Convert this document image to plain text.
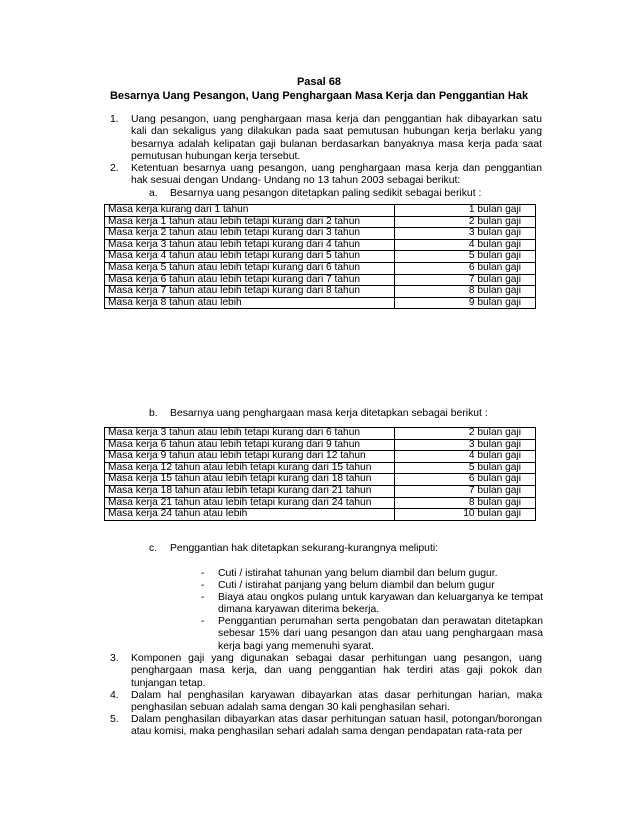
Pasal 68
Besarnya Uang Pesangon, Uang Penghargaan Masa Kerja dan Penggantian Hak
1. Uang pesangon, uang penghargaan masa kerja dan penggantian hak dibayarkan satu kali dan sekaligus yang dilakukan pada saat pemutusan hubungan kerja berlaku yang besarnya adalah kelipatan gaji bulanan berdasarkan banyaknya masa kerja pada saat pemutusan hubungan kerja tersebut.
2. Ketentuan besarnya uang pesangon, uang penghargaan masa kerja dan penggantian hak sesuai dengan Undang- Undang no 13 tahun 2003 sebagai berikut:
a. Besarnya uang pesangon ditetapkan paling sedikit sebagai berikut :
Masa kerja kurang dari 1 tahun	1 bulan gaji
Masa kerja 1 tahun atau lebih tetapi kurang dari 2 tahun	2 bulan gaji
Masa kerja 2 tahun atau lebih tetapi kurang dari 3 tahun	3 bulan gaji
Masa kerja 3 tahun atau lebih tetapi kurang dari 4 tahun	4 bulan gaji
Masa kerja 4 tahun atau lebih tetapi kurang dari 5 tahun	5 bulan gaji
Masa kerja 5 tahun atau lebih tetapi kurang dari 6 tahun	6 bulan gaji
Masa kerja 6 tahun atau lebih tetapi kurang dari 7 tahun	7 bulan gaji
Masa kerja 7 tahun atau lebih tetapi kurang dari 8 tahun	8 bulan gaji
Masa kerja 8 tahun atau lebih	9 bulan gaji
b. Besarnya uang penghargaan masa kerja ditetapkan sebagai berikut :
Masa kerja 3 tahun atau lebih tetapi kurang dari 6 tahun	2 bulan gaji
Masa kerja 6 tahun atau lebih tetapi kurang dari 9 tahun	3 bulan gaji
Masa kerja 9 tahun atau lebih tetapi kurang dari 12 tahun	4 bulan gaji
Masa kerja 12 tahun atau lebih tetapi kurang dari 15 tahun	5 bulan gaji
Masa kerja 15 tahun atau lebih tetapi kurang dari 18 tahun	6 bulan gaji
Masa kerja 18 tahun atau lebih tetapi kurang dari 21 tahun	7 bulan gaji
Masa kerja 21 tahun atau lebih tetapi kurang dari 24 tahun	8 bulan gaji
Masa kerja 24 tahun atau lebih	10 bulan gaji
c. Penggantian hak ditetapkan sekurang-kurangnya meliputi:
- Cuti / istirahat tahunan yang belum diambil dan belum gugur.
- Cuti / istirahat panjang yang belum diambil dan belum gugur
- Biaya atau ongkos pulang untuk karyawan dan keluarganya ke tempat dimana karyawan diterima bekerja.
- Penggantian perumahan serta pengobatan dan perawatan ditetapkan sebesar 15% dari uang pesangon dan atau uang penghargaan masa kerja bagi yang memenuhi syarat.
3. Komponen gaji yang digunakan sebagai dasar perhitungan uang pesangon, uang penghargaan masa kerja, dan uang penggantian hak terdiri atas gaji pokok dan tunjangan tetap.
4. Dalam hal penghasilan karyawan dibayarkan atas dasar perhitungan harian, maka penghasilan sebuan adalah sama dengan 30 kali penghasilan sehari.
5. Dalam penghasilan dibayarkan atas dasar perhitungan satuan hasil, potongan/borongan atau komisi, maka penghasilan sehari adalah sama dengan pendapatan rata-rata per
